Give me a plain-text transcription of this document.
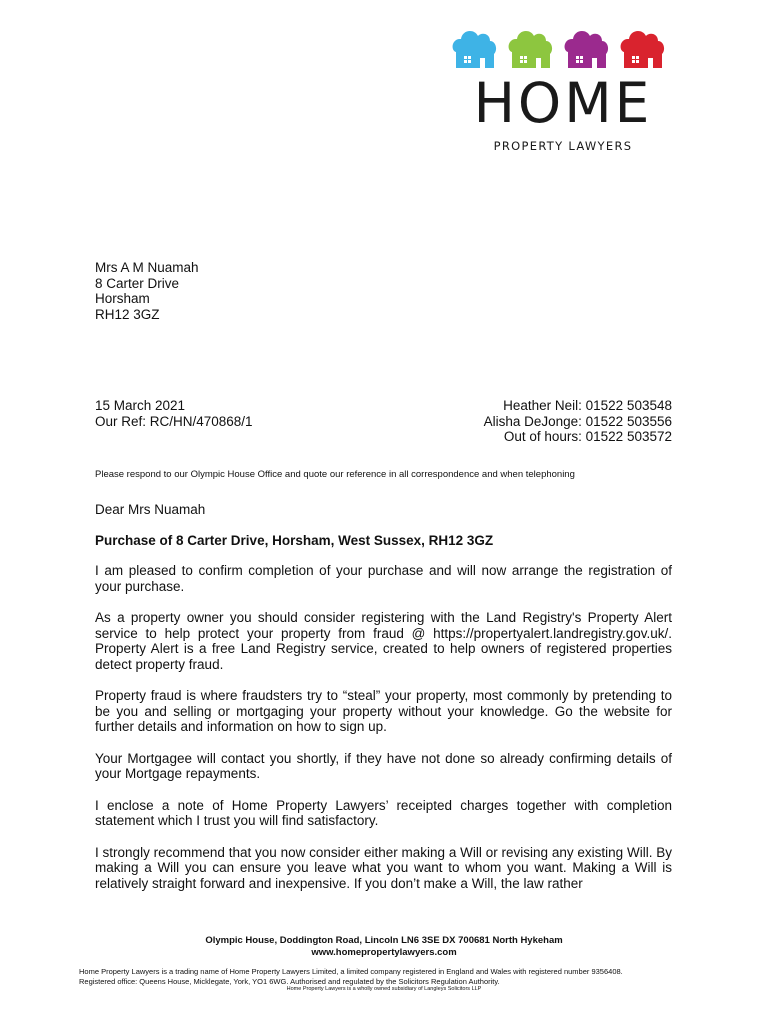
HOME
PROPERTY LAWYERS
Mrs A M Nuamah
8 Carter Drive
Horsham
RH12 3GZ
15 March 2021
Our Ref: RC/HN/470868/1
Heather Neil: 01522 503548
Alisha DeJonge: 01522 503556
Out of hours: 01522 503572
Please respond to our Olympic House Office and quote our reference in all correspondence and when telephoning
Dear Mrs Nuamah
Purchase of 8 Carter Drive, Horsham, West Sussex, RH12 3GZ

I am pleased to confirm completion of your purchase and will now arrange the registration of your purchase.

As a property owner you should consider registering with the Land Registry's Property Alert service to help protect your property from fraud @ https://propertyalert.landregistry.gov.uk/. Property Alert is a free Land Registry service, created to help owners of registered properties detect property fraud.

Property fraud is where fraudsters try to “steal” your property, most commonly by pretending to be you and selling or mortgaging your property without your knowledge. Go the website for further details and information on how to sign up.

Your Mortgagee will contact you shortly, if they have not done so already confirming details of your Mortgage repayments.

I enclose a note of Home Property Lawyers’ receipted charges together with completion statement which I trust you will find satisfactory.

I strongly recommend that you now consider either making a Will or revising any existing Will. By making a Will you can ensure you leave what you want to whom you want. Making a Will is relatively straight forward and inexpensive. If you don’t make a Will, the law rather

Olympic House, Doddington Road, Lincoln LN6 3SE DX 700681 North Hykeham
www.homepropertylawyers.com
Home Property Lawyers is a trading name of Home Property Lawyers Limited, a limited company registered in England and Wales with registered number 9356408.
Registered office: Queens House, Micklegate, York, YO1 6WG. Authorised and regulated by the Solicitors Regulation Authority.
Home Property Lawyers is a wholly owned subsidiary of Langleys Solicitors LLP
